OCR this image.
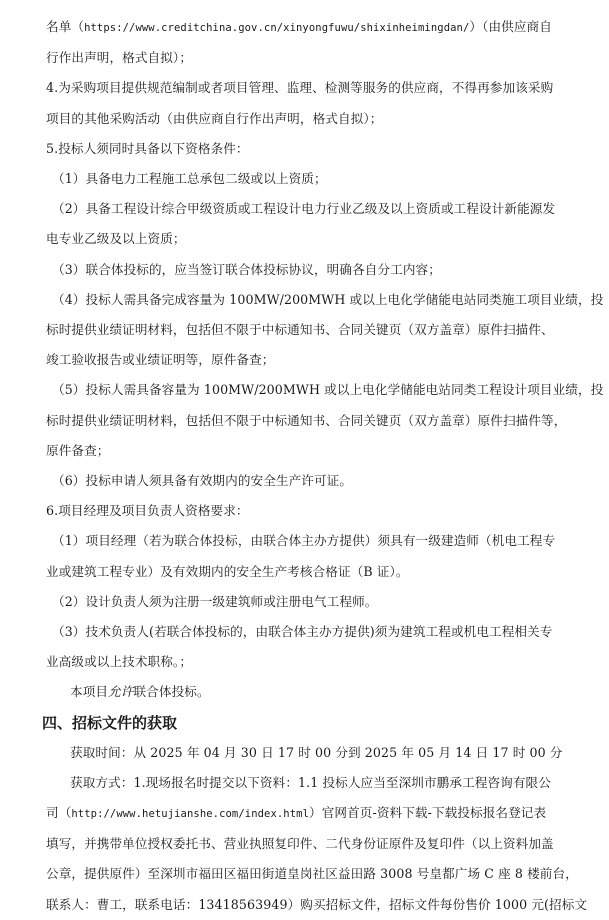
名单（https://www.creditchina.gov.cn/xinyongfuwu/shixinheimingdan/）（由供应商自
行作出声明，格式自拟）；
4.为采购项目提供规范编制或者项目管理、监理、检测等服务的供应商，不得再参加该采购
项目的其他采购活动（由供应商自行作出声明，格式自拟）；
5.投标人须同时具备以下资格条件：
（1）具备电力工程施工总承包二级或以上资质；
（2）具备工程设计综合甲级资质或工程设计电力行业乙级及以上资质或工程设计新能源发
电专业乙级及以上资质；
（3）联合体投标的，应当签订联合体投标协议，明确各自分工内容；
（4）投标人需具备完成容量为 100MW/200MWH 或以上电化学储能电站同类施工项目业绩，投
标时提供业绩证明材料，包括但不限于中标通知书、合同关键页（双方盖章）原件扫描件、
竣工验收报告或业绩证明等，原件备查；
（5）投标人需具备容量为 100MW/200MWH 或以上电化学储能电站同类工程设计项目业绩，投
标时提供业绩证明材料，包括但不限于中标通知书、合同关键页（双方盖章）原件扫描件等，
原件备查；
（6）投标申请人须具备有效期内的安全生产许可证。
6.项目经理及项目负责人资格要求：
（1）项目经理（若为联合体投标，由联合体主办方提供）须具有一级建造师（机电工程专
业或建筑工程专业）及有效期内的安全生产考核合格证（B 证）。
（2）设计负责人须为注册一级建筑师或注册电气工程师。
（3）技术负责人(若联合体投标的，由联合体主办方提供)须为建筑工程或机电工程相关专
业高级或以上技术职称。；
本项目允许联合体投标。
四、招标文件的获取
获取时间：从 2025 年 04 月 30 日 17 时 00 分到 2025 年 05 月 14 日 17 时 00 分
获取方式：1.现场报名时提交以下资料：1.1 投标人应当至深圳市鹏承工程咨询有限公
司（http://www.hetujianshe.com/index.html）官网首页-资料下载-下载投标报名登记表
填写，并携带单位授权委托书、营业执照复印件、二代身份证原件及复印件（以上资料加盖
公章，提供原件）至深圳市福田区福田街道皇岗社区益田路 3008 号皇都广场 C 座 8 楼前台，
联系人：曹工，联系电话：13418563949）购买招标文件，招标文件每份售价 1000 元(招标文
